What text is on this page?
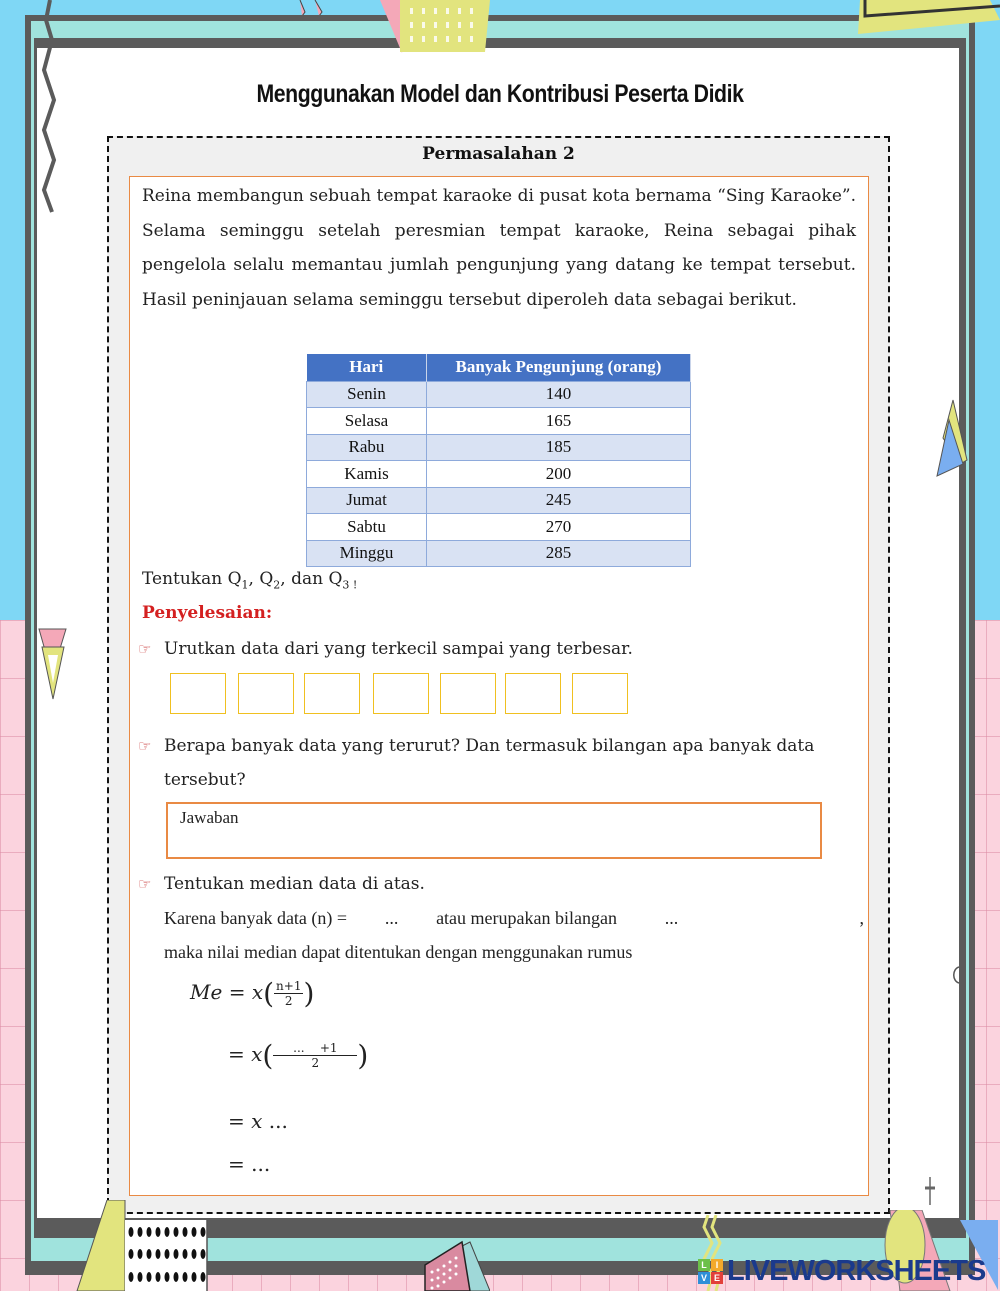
Menggunakan Model dan Kontribusi Peserta Didik
Permasalahan 2

Reina membangun sebuah tempat karaoke di pusat kota bernama “Sing Karaoke”. Selama seminggu setelah peresmian tempat karaoke, Reina sebagai pihak pengelola selalu memantau jumlah pengunjung yang datang ke tempat tersebut. Hasil peninjauan selama seminggu tersebut diperoleh data sebagai berikut.

Hari	Banyak Pengunjung (orang)
Senin	140
Selasa	165
Rabu	185
Kamis	200
Jumat	245
Sabtu	270
Minggu	285
Tentukan $Q_1$, $Q_2$, dan $Q_{3 !}$
Penyelesaian:
☞ Urutkan data dari yang terkecil sampai yang terbesar.
☞ Berapa banyak data yang terurut? Dan termasuk bilangan apa banyak data tersebut?
Jawaban
☞ Tentukan median data di atas.
Karena banyak data (n) = ... atau merupakan bilangan	...	,
maka nilai median dapat ditentukan dengan menggunakan rumus
$Me = x( \frac{n+1}{2}$ )
= $x( \frac{... +1}{2}$ )
= x ...
= ...
L I
V E LIVEWORKSHEETS
